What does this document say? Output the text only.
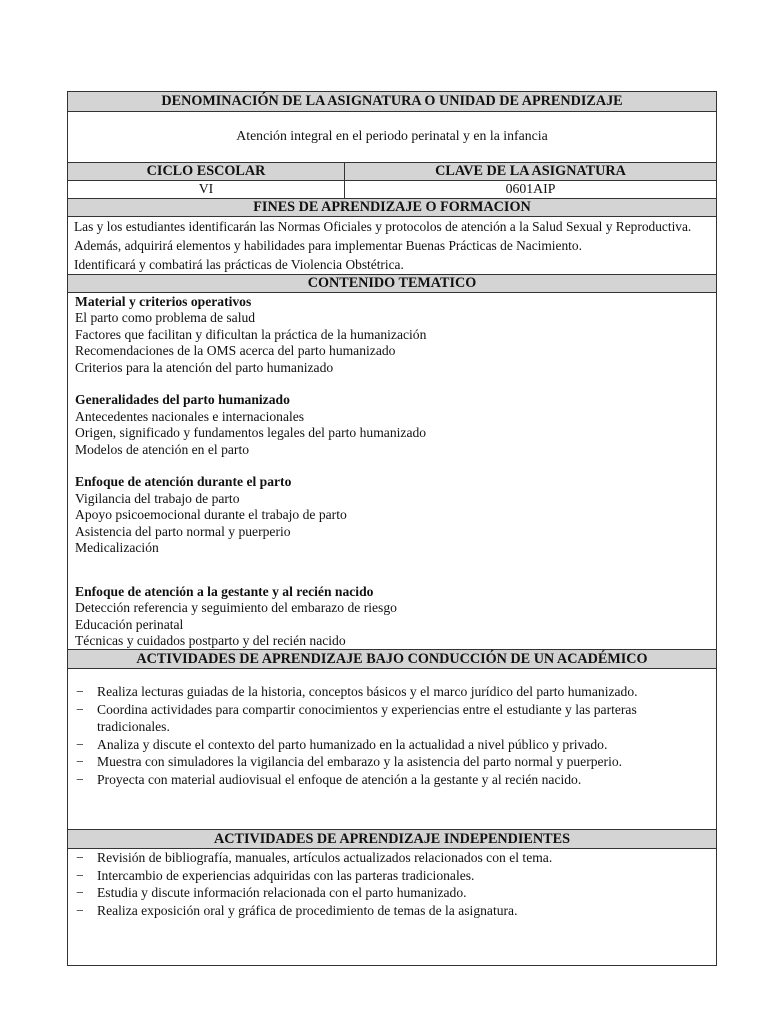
DENOMINACIÓN DE LA ASIGNATURA O UNIDAD DE APRENDIZAJE
Atención integral en el periodo perinatal y en la infancia
CICLO ESCOLAR	CLAVE DE LA ASIGNATURA
VI	0601AIP
FINES DE APRENDIZAJE O FORMACION
Las y los estudiantes identificarán las Normas Oficiales y protocolos de atención a la Salud Sexual y Reproductiva.
Además, adquirirá elementos y habilidades para implementar Buenas Prácticas de Nacimiento.
Identificará y combatirá las prácticas de Violencia Obstétrica.
CONTENIDO TEMATICO
Material y criterios operativos
El parto como problema de salud
Factores que facilitan y dificultan la práctica de la humanización
Recomendaciones de la OMS acerca del parto humanizado
Criterios para la atención del parto humanizado
Generalidades del parto humanizado
Antecedentes nacionales e internacionales
Origen, significado y fundamentos legales del parto humanizado
Modelos de atención en el parto
Enfoque de atención durante el parto
Vigilancia del trabajo de parto
Apoyo psicoemocional durante el trabajo de parto
Asistencia del parto normal y puerperio
Medicalización
Enfoque de atención a la gestante y al recién nacido
Detección referencia y seguimiento del embarazo de riesgo
Educación perinatal
Técnicas y cuidados postparto y del recién nacido
ACTIVIDADES DE APRENDIZAJE BAJO CONDUCCIÓN DE UN ACADÉMICO
− Realiza lecturas guiadas de la historia, conceptos básicos y el marco jurídico del parto humanizado.
− Coordina actividades para compartir conocimientos y experiencias entre el estudiante y las parteras tradicionales.
− Analiza y discute el contexto del parto humanizado en la actualidad a nivel público y privado.
− Muestra con simuladores la vigilancia del embarazo y la asistencia del parto normal y puerperio.
− Proyecta con material audiovisual el enfoque de atención a la gestante y al recién nacido.
ACTIVIDADES DE APRENDIZAJE INDEPENDIENTES
− Revisión de bibliografía, manuales, artículos actualizados relacionados con el tema.
− Intercambio de experiencias adquiridas con las parteras tradicionales.
− Estudia y discute información relacionada con el parto humanizado.
− Realiza exposición oral y gráfica de procedimiento de temas de la asignatura.
